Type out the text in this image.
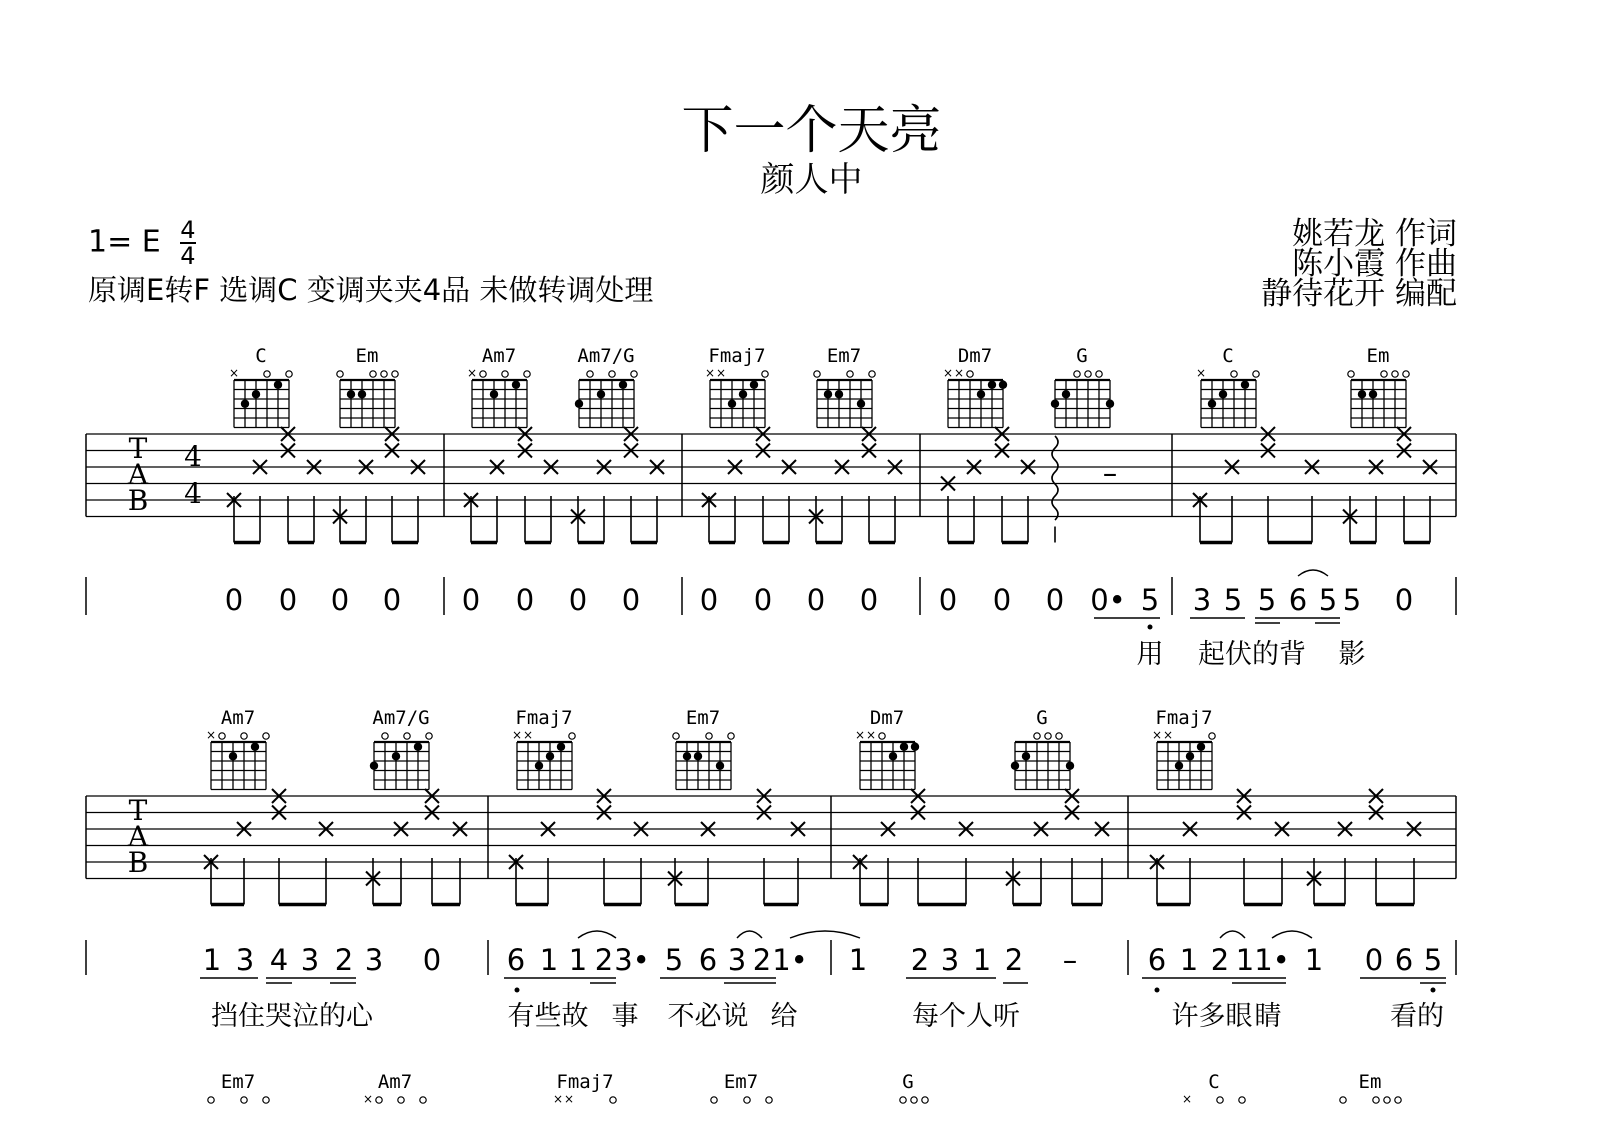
下一个天亮
颜人中
1= E $\frac{4}{4}$
原调E转F 选调C 变调夹夹4品 未做转调处理
姚若龙 作词
陈小霞 作曲
静待花开 编配
C
×
Em	Am7
×
Am7/G	Fmaj7
× ×
Em7	Dm7
× ×
G	C
×
Em
T
A
B
4
4
–
0 0 0 0 0 0 0 0 0 0 0 0 0 0 0 0• 5 3 5 5 6 5 5 0
用 起伏的背 影
Am7
×
Am7/G	Fmaj7
× ×
Em7	Dm7
× ×
G	Fmaj7
× ×
T
A
B
1 3 4 3 2 3 0 6 1 1 2 3• 5 6 3 2 1• 1 2 3 1 2 – 6 1 2 1 1• 1 0 6 5
挡住哭泣的心	有些故 事 不必说 给	每个人听	许多眼 睛	看的
Em7	Am7
×
Fmaj7
× ×
Em7	G	C
×
Em
